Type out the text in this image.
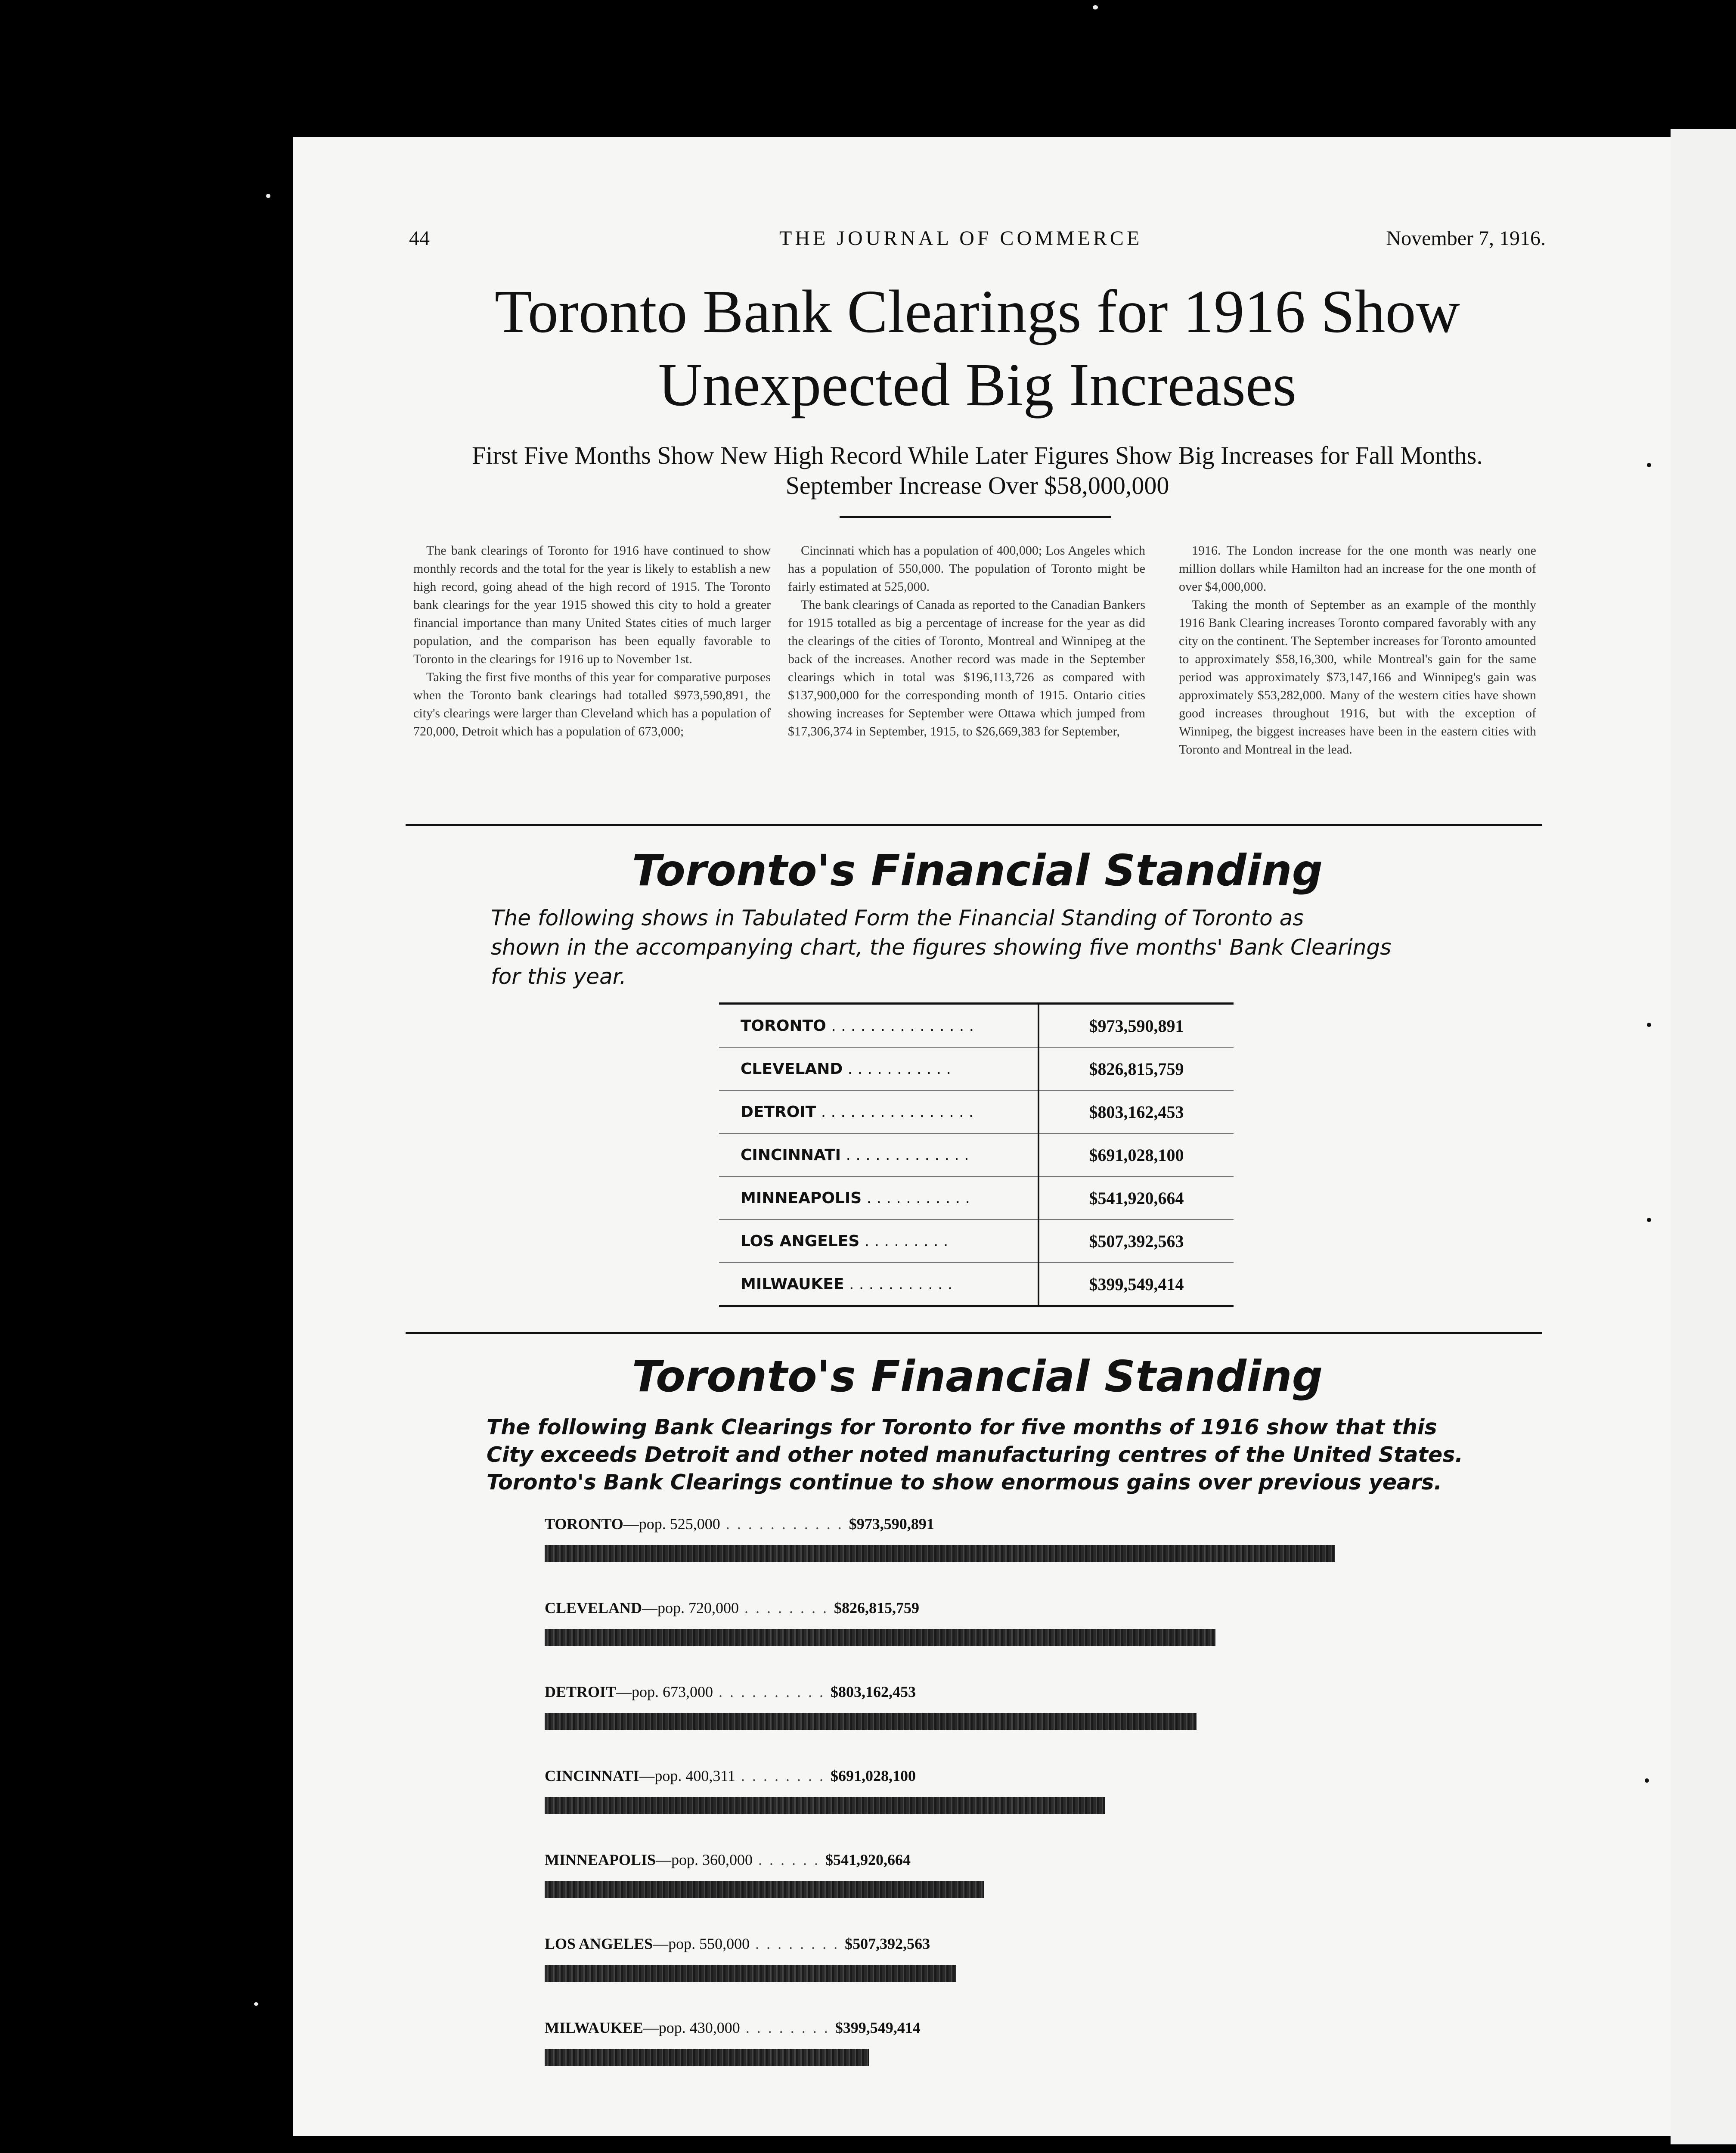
44	THE JOURNAL OF COMMERCE	November 7, 1916.
Toronto Bank Clearings for 1916 Show Unexpected Big Increases
First Five Months Show New High Record While Later Figures Show Big Increases for Fall Months.
September Increase Over $58,000,000

The bank clearings of Toronto for 1916 have continued to show monthly records and the total for the year is likely to establish a new high record, going ahead of the high record of 1915. The Toronto bank clearings for the year 1915 showed this city to hold a greater financial importance than many United States cities of much larger population, and the comparison has been equally favorable to Toronto in the clearings for 1916 up to November 1st.

Taking the first five months of this year for comparative purposes when the Toronto bank clearings had totalled $973,590,891, the city's clearings were larger than Cleveland which has a population of 720,000, Detroit which has a population of 673,000;

Cincinnati which has a population of 400,000; Los Angeles which has a population of 550,000. The population of Toronto might be fairly estimated at 525,000.

The bank clearings of Canada as reported to the Canadian Bankers for 1915 totalled as big a percentage of increase for the year as did the clearings of the cities of Toronto, Montreal and Winnipeg at the back of the increases. Another record was made in the September clearings which in total was $196,113,726 as compared with $137,900,000 for the corresponding month of 1915. Ontario cities showing increases for September were Ottawa which jumped from $17,306,374 in September, 1915, to $26,669,383 for September,

1916. The London increase for the one month was nearly one million dollars while Hamilton had an increase for the one month of over $4,000,000.

Taking the month of September as an example of the monthly 1916 Bank Clearing increases Toronto compared favorably with any city on the continent. The September increases for Toronto amounted to approximately $58,16,300, while Montreal's gain for the same period was approximately $73,147,166 and Winnipeg's gain was approximately $53,282,000. Many of the western cities have shown good increases throughout 1916, but with the exception of Winnipeg, the biggest increases have been in the eastern cities with Toronto and Montreal in the lead.

Toronto's Financial Standing
The following shows in Tabulated Form the Financial Standing of Toronto as
shown in the accompanying chart, the figures showing five months' Bank Clearings
for this year.
TORONTO . . . . . . . . . . . . . . .	$973,590,891
CLEVELAND . . . . . . . . . . .	$826,815,759
DETROIT . . . . . . . . . . . . . . . .	$803,162,453
CINCINNATI . . . . . . . . . . . . .	$691,028,100
MINNEAPOLIS . . . . . . . . . . .	$541,920,664
LOS ANGELES . . . . . . . . .	$507,392,563
MILWAUKEE . . . . . . . . . . .	$399,549,414
Toronto's Financial Standing
The following Bank Clearings for Toronto for five months of 1916 show that this
City exceeds Detroit and other noted manufacturing centres of the United States.
Toronto's Bank Clearings continue to show enormous gains over previous years.
TORONTO—pop. 525,000 . . . . . . . . . . . $973,590,891
CLEVELAND—pop. 720,000 . . . . . . . . $826,815,759
DETROIT—pop. 673,000 . . . . . . . . . . $803,162,453
CINCINNATI—pop. 400,311 . . . . . . . . $691,028,100
MINNEAPOLIS—pop. 360,000 . . . . . . $541,920,664
LOS ANGELES—pop. 550,000 . . . . . . . . $507,392,563
MILWAUKEE—pop. 430,000 . . . . . . . . $399,549,414
